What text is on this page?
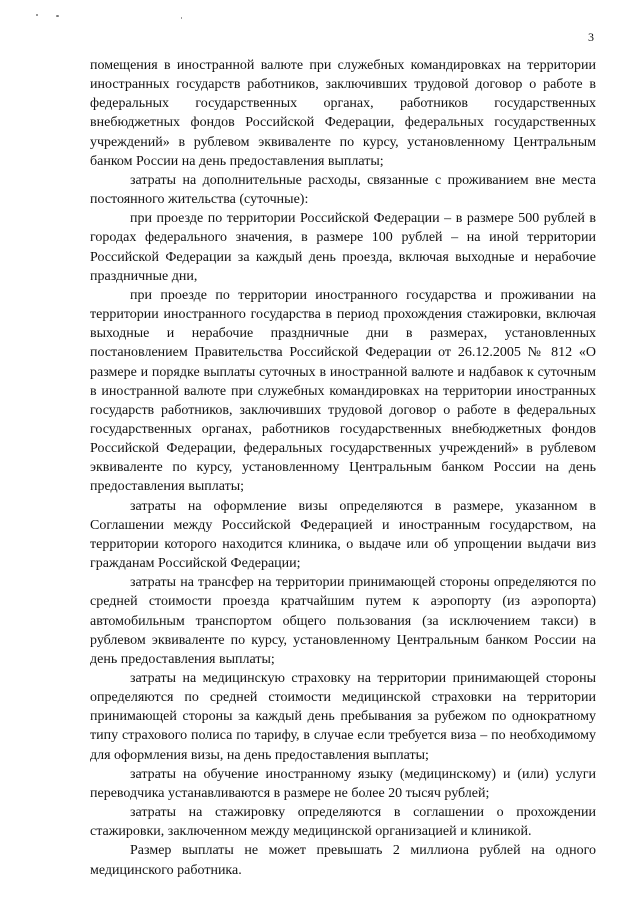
3

помещения в иностранной валюте при служебных командировках на территории иностранных государств работников, заключивших трудовой договор о работе в федеральных государственных органах, работников государственных внебюджетных фондов Российской Федерации, федеральных государственных учреждений» в рублевом эквиваленте по курсу, установленному Центральным банком России на день предоставления выплаты;

затраты на дополнительные расходы, связанные с проживанием вне места постоянного жительства (суточные):

при проезде по территории Российской Федерации – в размере 500 рублей в городах федерального значения, в размере 100 рублей – на иной территории Российской Федерации за каждый день проезда, включая выходные и нерабочие праздничные дни,

при проезде по территории иностранного государства и проживании на территории иностранного государства в период прохождения стажировки, включая выходные и нерабочие праздничные дни в размерах, установленных постановлением Правительства Российской Федерации от 26.12.2005 № 812 «О размере и порядке выплаты суточных в иностранной валюте и надбавок к суточным в иностранной валюте при служебных командировках на территории иностранных государств работников, заключивших трудовой договор о работе в федеральных государственных органах, работников государственных внебюджетных фондов Российской Федерации, федеральных государственных учреждений» в рублевом эквиваленте по курсу, установленному Центральным банком России на день предоставления выплаты;

затраты на оформление визы определяются в размере, указанном в Соглашении между Российской Федерацией и иностранным государством, на территории которого находится клиника, о выдаче или об упрощении выдачи виз гражданам Российской Федерации;

затраты на трансфер на территории принимающей стороны определяются по средней стоимости проезда кратчайшим путем к аэропорту (из аэропорта) автомобильным транспортом общего пользования (за исключением такси) в рублевом эквиваленте по курсу, установленному Центральным банком России на день предоставления выплаты;

затраты на медицинскую страховку на территории принимающей стороны определяются по средней стоимости медицинской страховки на территории принимающей стороны за каждый день пребывания за рубежом по однократному типу страхового полиса по тарифу, в случае если требуется виза – по необходимому для оформления визы, на день предоставления выплаты;

затраты на обучение иностранному языку (медицинскому) и (или) услуги переводчика устанавливаются в размере не более 20 тысяч рублей;

затраты на стажировку определяются в соглашении о прохождении стажировки, заключенном между медицинской организацией и клиникой.

Размер выплаты не может превышать 2 миллиона рублей на одного медицинского работника.
